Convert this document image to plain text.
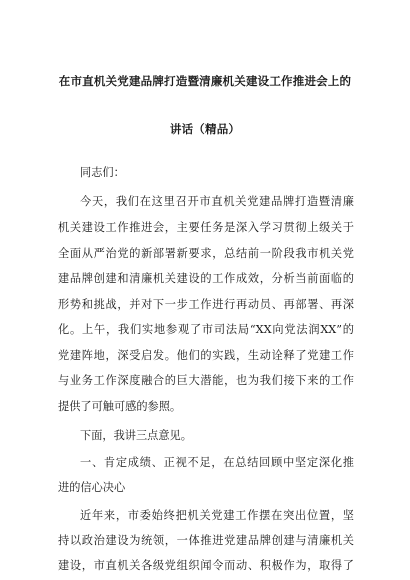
在市直机关党建品牌打造暨清廉机关建设工作推进会上的
讲话（精品）
同志们：
今天，我们在这里召开市直机关党建品牌打造暨清廉
机关建设工作推进会，主要任务是深入学习贯彻上级关于
全面从严治党的新部署新要求，总结前一阶段我市机关党
建品牌创建和清廉机关建设的工作成效，分析当前面临的
形势和挑战，并对下一步工作进行再动员、再部署、再深
化。上午，我们实地参观了市司法局“XX向党法润XX”的
党建阵地，深受启发。他们的实践，生动诠释了党建工作
与业务工作深度融合的巨大潜能，也为我们接下来的工作
提供了可触可感的参照。
下面，我讲三点意见。
一、肯定成绩、正视不足，在总结回顾中坚定深化推
进的信心决心
近年来，市委始终把机关党建工作摆在突出位置，坚
持以政治建设为统领，一体推进党建品牌创建与清廉机关
建设，市直机关各级党组织闻令而动、积极作为，取得了
